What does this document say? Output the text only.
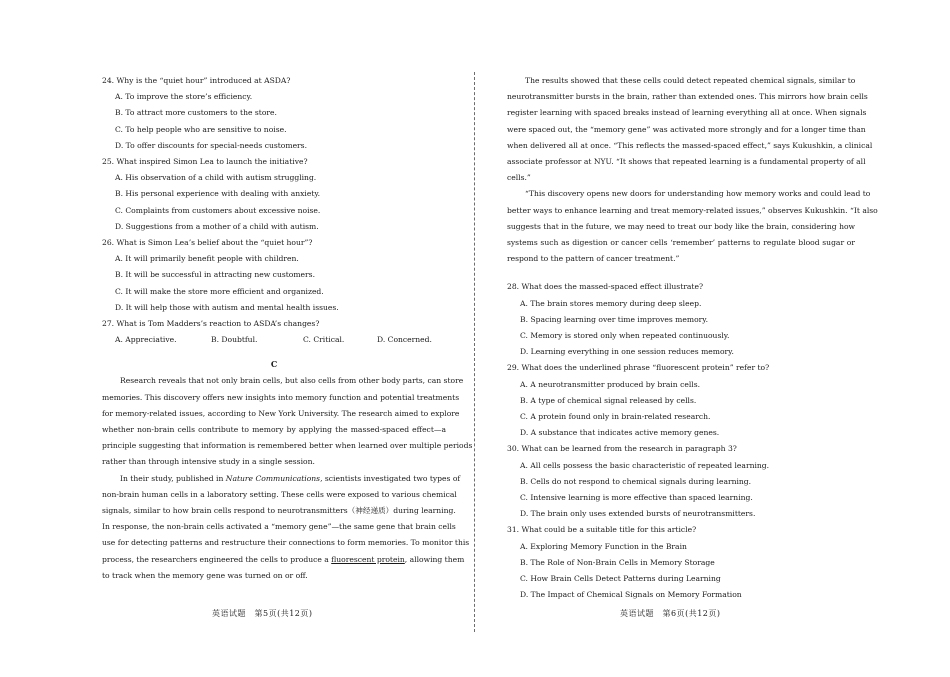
24. Why is the “quiet hour” introduced at ASDA?

A. To improve the store’s efficiency.

B. To attract more customers to the store.

C. To help people who are sensitive to noise.

D. To offer discounts for special-needs customers.

25. What inspired Simon Lea to launch the initiative?

A. His observation of a child with autism struggling.

B. His personal experience with dealing with anxiety.

C. Complaints from customers about excessive noise.

D. Suggestions from a mother of a child with autism.

26. What is Simon Lea’s belief about the “quiet hour”?

A. It will primarily benefit people with children.

B. It will be successful in attracting new customers.

C. It will make the store more efficient and organized.

D. It will help those with autism and mental health issues.

27. What is Tom Madders’s reaction to ASDA’s changes?

A. Appreciative.	B. Doubtful.	C. Critical.	D. Concerned.
C
Research reveals that not only brain cells, but also cells from other body parts, can store
memories. This discovery offers new insights into memory function and potential treatments
for memory-related issues, according to New York University. The research aimed to explore
whether non-brain cells contribute to memory by applying the massed-spaced effect—a
principle suggesting that information is remembered better when learned over multiple periods
rather than through intensive study in a single session.
In their study, published in Nature Communications, scientists investigated two types of
non-brain human cells in a laboratory setting. These cells were exposed to various chemical
signals, similar to how brain cells respond to neurotransmitters（神经递质）during learning.
In response, the non-brain cells activated a “memory gene”—the same gene that brain cells
use for detecting patterns and restructure their connections to form memories. To monitor this
process, the researchers engineered the cells to produce a fluorescent protein, allowing them
to track when the memory gene was turned on or off.
英语试题　第5页(共12页)
The results showed that these cells could detect repeated chemical signals, similar to
neurotransmitter bursts in the brain, rather than extended ones. This mirrors how brain cells
register learning with spaced breaks instead of learning everything all at once. When signals
were spaced out, the “memory gene” was activated more strongly and for a longer time than
when delivered all at once. “This reflects the massed-spaced effect,” says Kukushkin, a clinical
associate professor at NYU. “It shows that repeated learning is a fundamental property of all
cells.”
“This discovery opens new doors for understanding how memory works and could lead to
better ways to enhance learning and treat memory-related issues,” observes Kukushkin. “It also
suggests that in the future, we may need to treat our body like the brain, considering how
systems such as digestion or cancer cells ‘remember’ patterns to regulate blood sugar or
respond to the pattern of cancer treatment.”

28. What does the massed-spaced effect illustrate?

A. The brain stores memory during deep sleep.

B. Spacing learning over time improves memory.

C. Memory is stored only when repeated continuously.

D. Learning everything in one session reduces memory.

29. What does the underlined phrase “fluorescent protein” refer to?

A. A neurotransmitter produced by brain cells.

B. A type of chemical signal released by cells.

C. A protein found only in brain-related research.

D. A substance that indicates active memory genes.

30. What can be learned from the research in paragraph 3?

A. All cells possess the basic characteristic of repeated learning.

B. Cells do not respond to chemical signals during learning.

C. Intensive learning is more effective than spaced learning.

D. The brain only uses extended bursts of neurotransmitters.

31. What could be a suitable title for this article?

A. Exploring Memory Function in the Brain

B. The Role of Non-Brain Cells in Memory Storage

C. How Brain Cells Detect Patterns during Learning

D. The Impact of Chemical Signals on Memory Formation

英语试题　第6页(共12页)
